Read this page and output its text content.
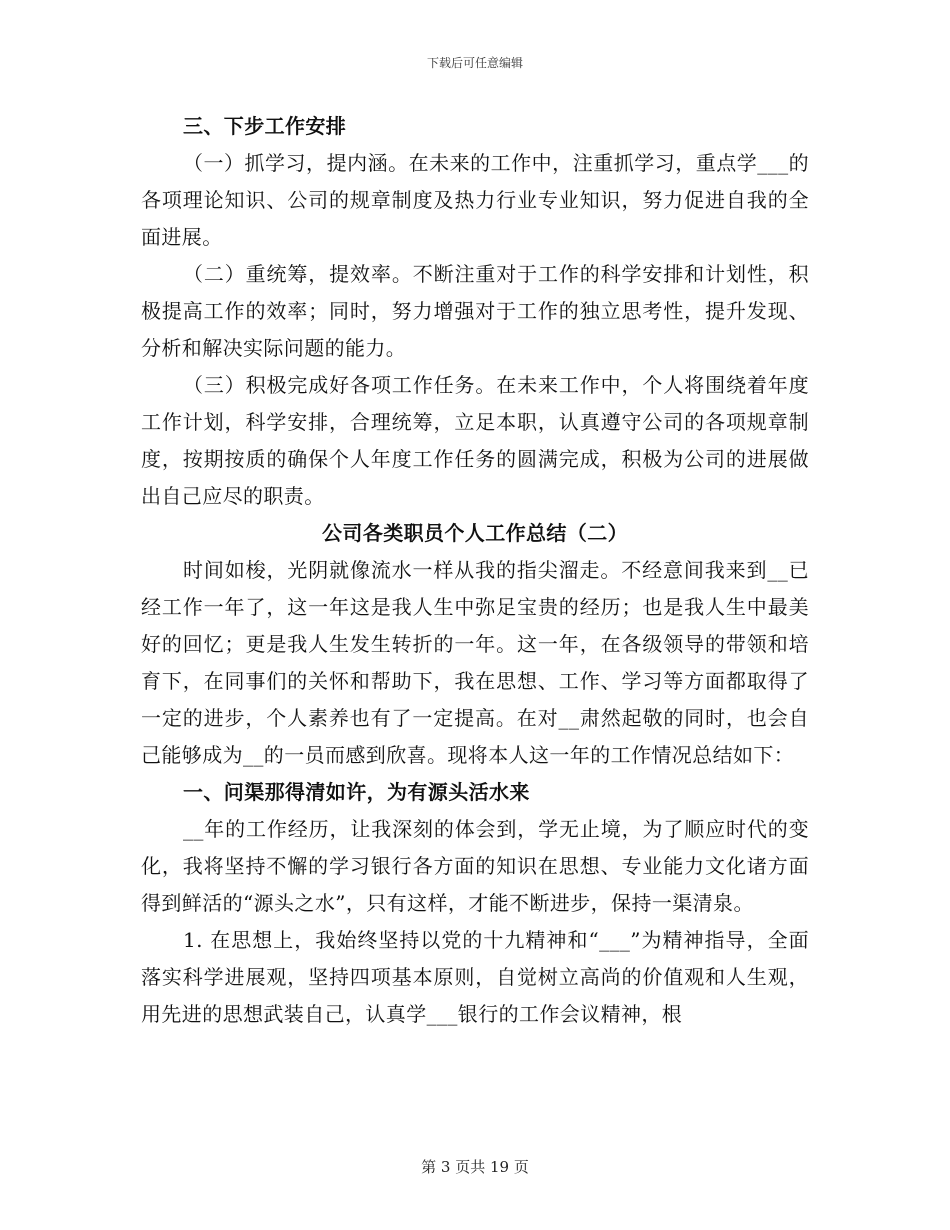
下载后可任意编辑

三、下步工作安排

（一）抓学习，提内涵。在未来的工作中，注重抓学习，重点学___的各项理论知识、公司的规章制度及热力行业专业知识，努力促进自我的全面进展。

（二）重统筹，提效率。不断注重对于工作的科学安排和计划性，积极提高工作的效率；同时，努力增强对于工作的独立思考性，提升发现、分析和解决实际问题的能力。

（三）积极完成好各项工作任务。在未来工作中，个人将围绕着年度工作计划，科学安排，合理统筹，立足本职，认真遵守公司的各项规章制度，按期按质的确保个人年度工作任务的圆满完成，积极为公司的进展做出自己应尽的职责。

公司各类职员个人工作总结（二）

时间如梭，光阴就像流水一样从我的指尖溜走。不经意间我来到__已经工作一年了，这一年这是我人生中弥足宝贵的经历；也是我人生中最美好的回忆；更是我人生发生转折的一年。这一年，在各级领导的带领和培育下，在同事们的关怀和帮助下，我在思想、工作、学习等方面都取得了一定的进步，个人素养也有了一定提高。在对__肃然起敬的同时，也会自己能够成为__的一员而感到欣喜。现将本人这一年的工作情况总结如下：

一、问渠那得清如许，为有源头活水来

__年的工作经历，让我深刻的体会到，学无止境，为了顺应时代的变化，我将坚持不懈的学习银行各方面的知识在思想、专业能力文化诸方面得到鲜活的“源头之水”，只有这样，才能不断进步，保持一渠清泉。

1. 在思想上，我始终坚持以党的十九精神和“___”为精神指导，全面落实科学进展观，坚持四项基本原则，自觉树立高尚的价值观和人生观，用先进的思想武装自己，认真学___银行的工作会议精神，根

第 3 页共 19 页
